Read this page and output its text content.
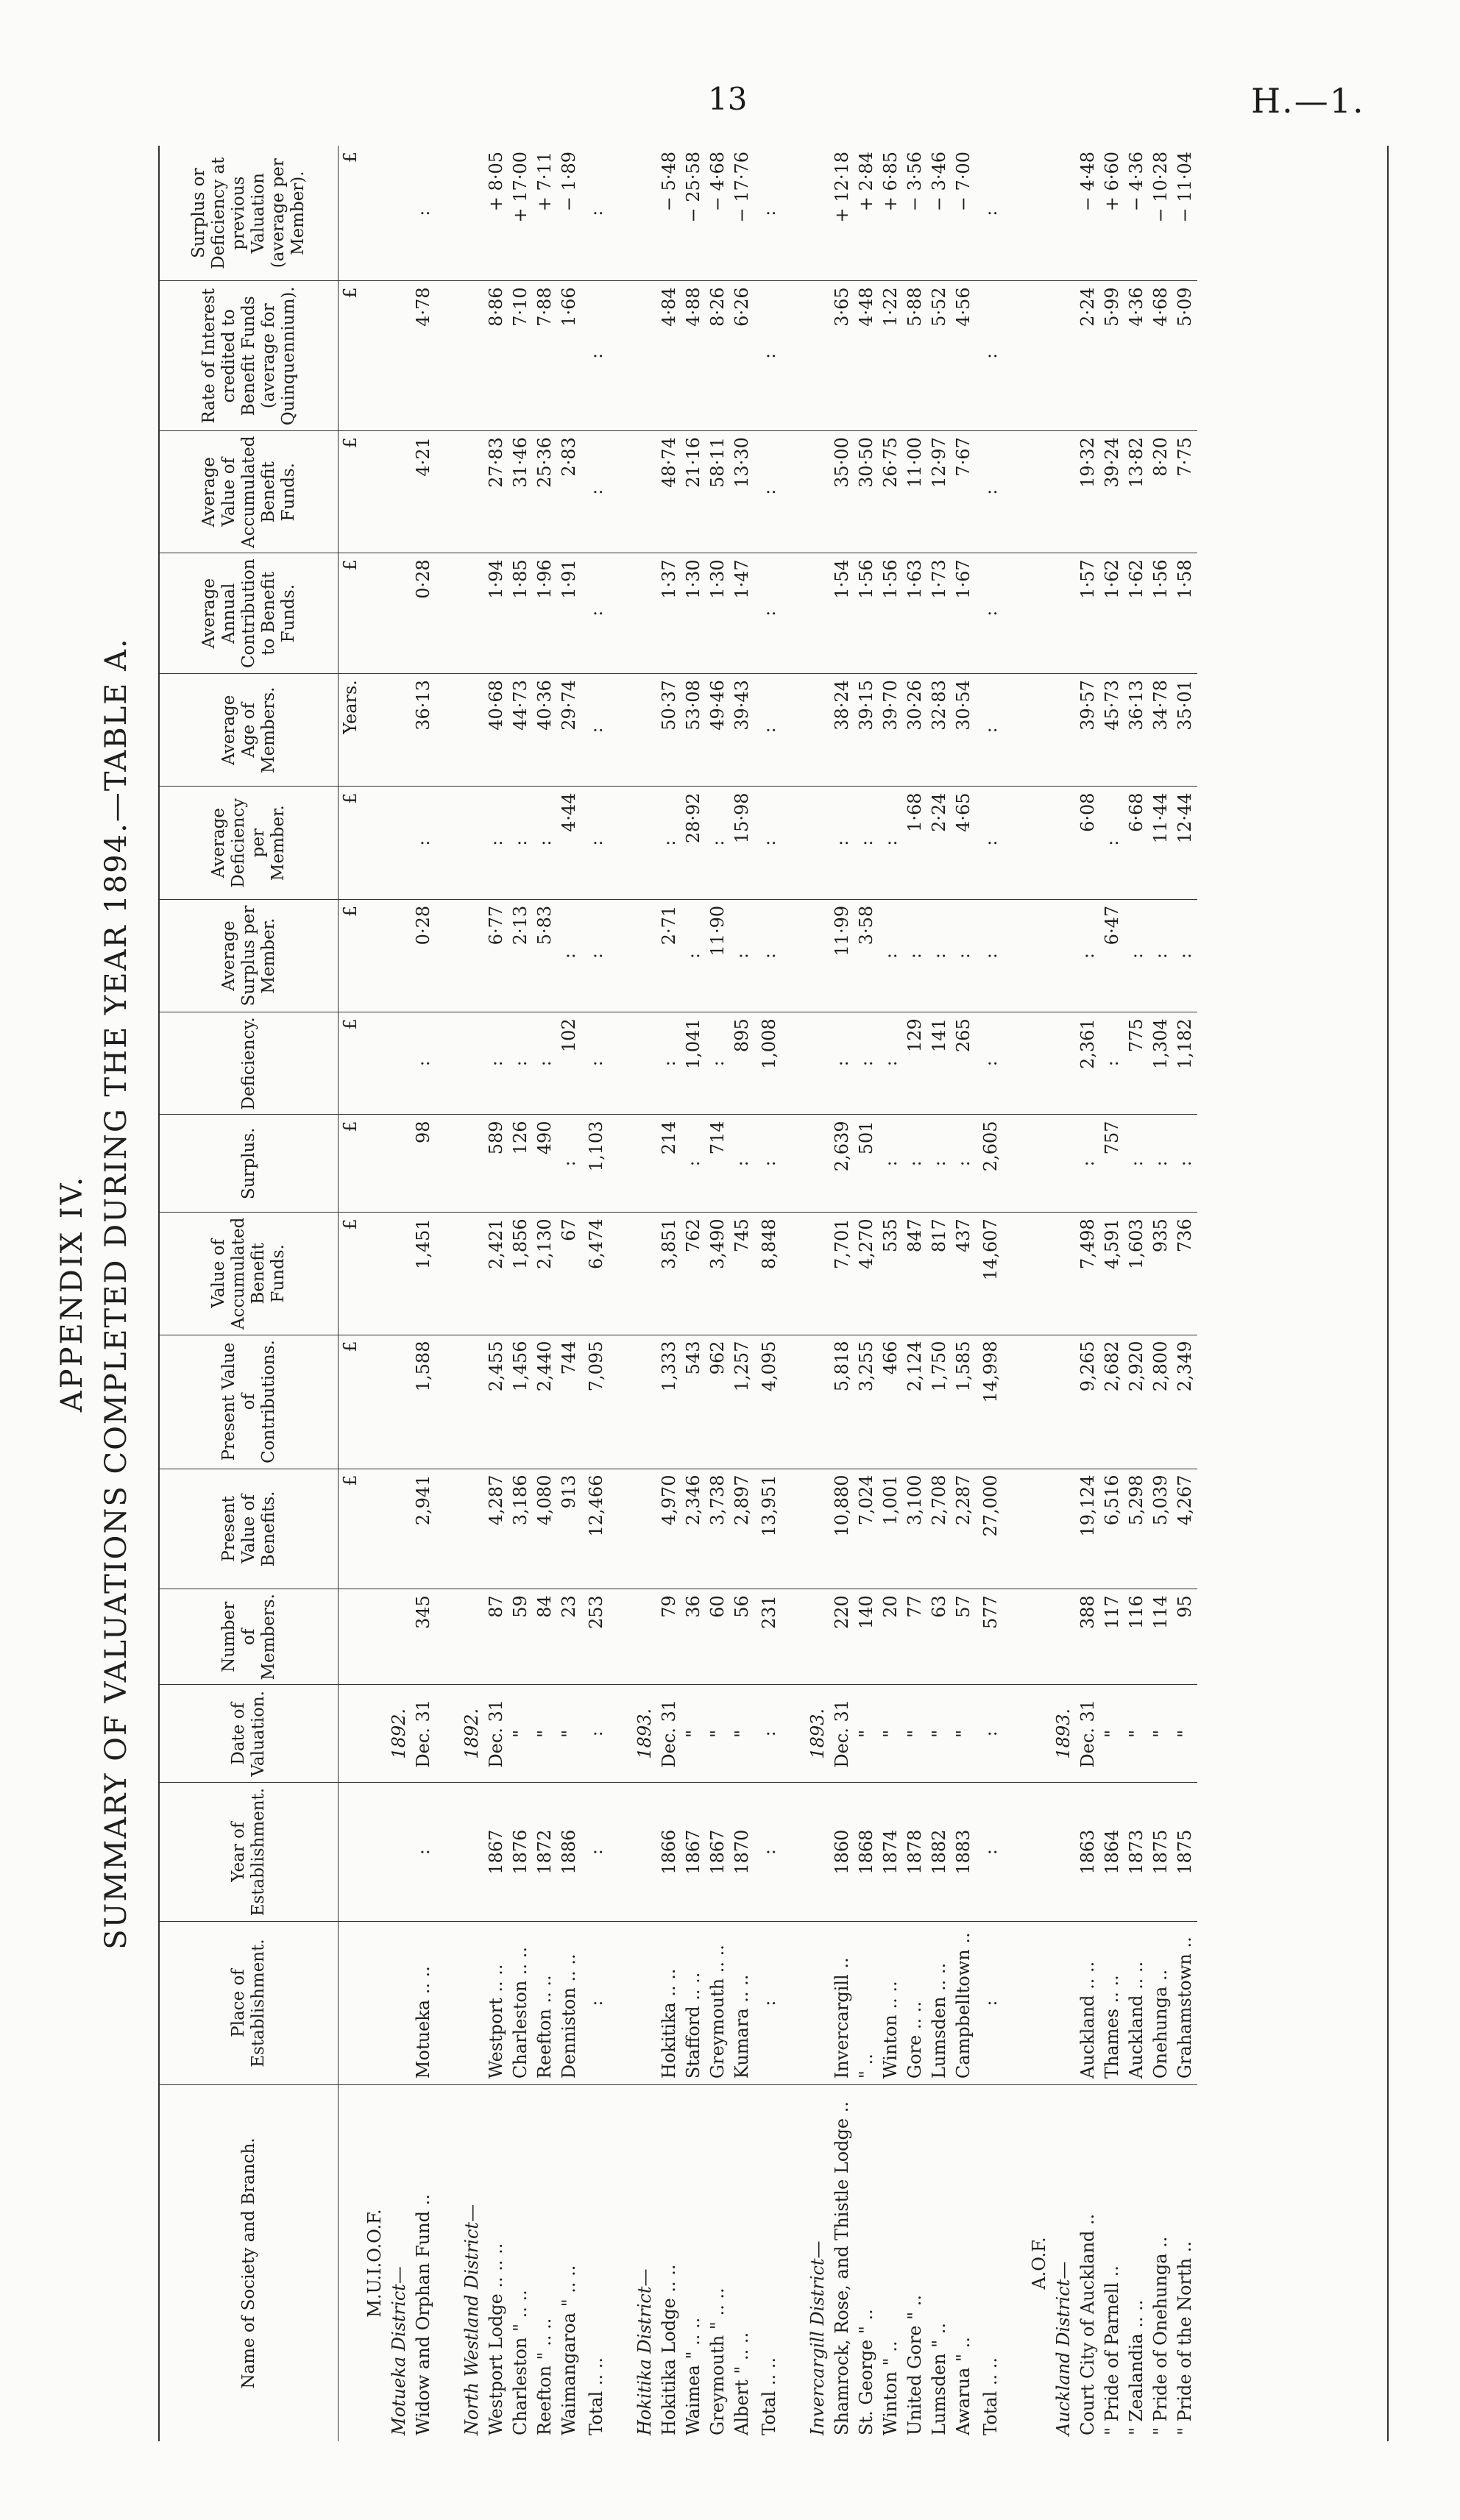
13	H.—1.
APPENDIX IV. SUMMARY OF VALUATIONS COMPLETED DURING THE YEAR 1894.—TABLE A.
Name of Society and Branch.	Place of Establishment.	Year of Establishment.	Date of Valuation.	Number of Members.	Present Value of Benefits.	Present Value of Contributions.	Value of Accumulated Benefit Funds.	Surplus.	Deficiency.	Average Surplus per Member.	Average Deficiency per Member.	Average Age of Members.	Average Annual Contribution to Benefit Funds.	Average Value of Accumulated Benefit Funds.	Rate of Interest credited to Benefit Funds (average for Quinquennium).	Surplus or Deficiency at previous Valuation (average per Member).
					£	£	£	£	£	£	£	Years.	£	£	£	£
M.U.I.O.O.F.																
Motueka District—			1892.													
Widow and Orphan Fund ..	Motueka .. ..	:	Dec. 31	345	2,941	1,588	1,451	98	:	0·28	:	36·13	0·28	4·21	4·78	:

North Westland District—			1892.													
Westport Lodge .. .. ..	Westport .. ..	1867	Dec. 31	87	4,287	2,455	2,421	589	:	6·77	:	40·68	1·94	27·83	8·86	+ 8·05
Charleston " .. ..	Charleston .. ..	1876	"	59	3,186	1,456	1,856	126	:	2·13	:	44·73	1·85	31·46	7·10	+ 17·00
Reefton " .. ..	Reefton .. ..	1872	"	84	4,080	2,440	2,130	490	:	5·83	:	40·36	1·96	25·36	7·88	+ 7·11
Waimangaroa " .. ..	Denniston .. ..	1886	"	23	913	744	67	:	102	:	4·44	29·74	1·91	2·83	1·66	− 1·89
Total .. ..	:	:	:	253	12,466	7,095	6,474	1,103	:	:	:	:	:	:	:	:

Hokitika District—			1893.													
Hokitika Lodge .. ..	Hokitika .. ..	1866	Dec. 31	79	4,970	1,333	3,851	214	:	2·71	:	50·37	1·37	48·74	4·84	− 5·48
Waimea " .. ..	Stafford .. ..	1867	"	36	2,346	543	762	:	1,041	:	28·92	53·08	1·30	21·16	4·88	− 25·58
Greymouth " .. ..	Greymouth .. ..	1867	"	60	3,738	962	3,490	714	:	11·90	:	49·46	1·30	58·11	8·26	− 4·68
Albert " .. ..	Kumara .. ..	1870	"	56	2,897	1,257	745	:	895	:	15·98	39·43	1·47	13·30	6·26	− 17·76
Total .. ..	:	:	:	231	13,951	4,095	8,848	:	1,008	:	:	:	:	:	:	:

Invercargill District—			1893.													
Shamrock, Rose, and Thistle Lodge ..	Invercargill ..	1860	Dec. 31	220	10,880	5,818	7,701	2,639	:	11·99	:	38·24	1·54	35·00	3·65	+ 12·18
St. George " ..	" ..	1868	"	140	7,024	3,255	4,270	501	:	3·58	:	39·15	1·56	30·50	4·48	+ 2·84
Winton " ..	Winton .. ..	1874	"	20	1,001	466	535	:	:	:	:	39·70	1·56	26·75	1·22	+ 6·85
United Gore " ..	Gore .. ..	1878	"	77	3,100	2,124	847	:	129	:	1·68	30·26	1·63	11·00	5·88	− 3·56
Lumsden " ..	Lumsden .. ..	1882	"	63	2,708	1,750	817	:	141	:	2·24	32·83	1·73	12·97	5·52	− 3·46
Awarua " ..	Campbelltown ..	1883	"	57	2,287	1,585	437	:	265	:	4·65	30·54	1·67	7·67	4·56	− 7·00
Total .. ..	:	:	:	577	27,000	14,998	14,607	2,605	:	:	:	:	:	:	:	:

A.O.F.																
Auckland District—			1893.													
Court City of Auckland ..	Auckland .. ..	1863	Dec. 31	388	19,124	9,265	7,498	:	2,361	:	6·08	39·57	1·57	19·32	2·24	− 4·48
" Pride of Parnell ..	Thames .. ..	1864	"	117	6,516	2,682	4,591	757	:	6·47	:	45·73	1·62	39·24	5·99	+ 6·60
" Zealandia .. ..	Auckland .. ..	1873	"	116	5,298	2,920	1,603	:	775	:	6·68	36·13	1·62	13·82	4·36	− 4·36
" Pride of Onehunga ..	Onehunga ..	1875	"	114	5,039	2,800	935	:	1,304	:	11·44	34·78	1·56	8·20	4·68	− 10·28
" Pride of the North ..	Grahamstown ..	1875	"	95	4,267	2,349	736	:	1,182	:	12·44	35·01	1·58	7·75	5·09	− 11·04
